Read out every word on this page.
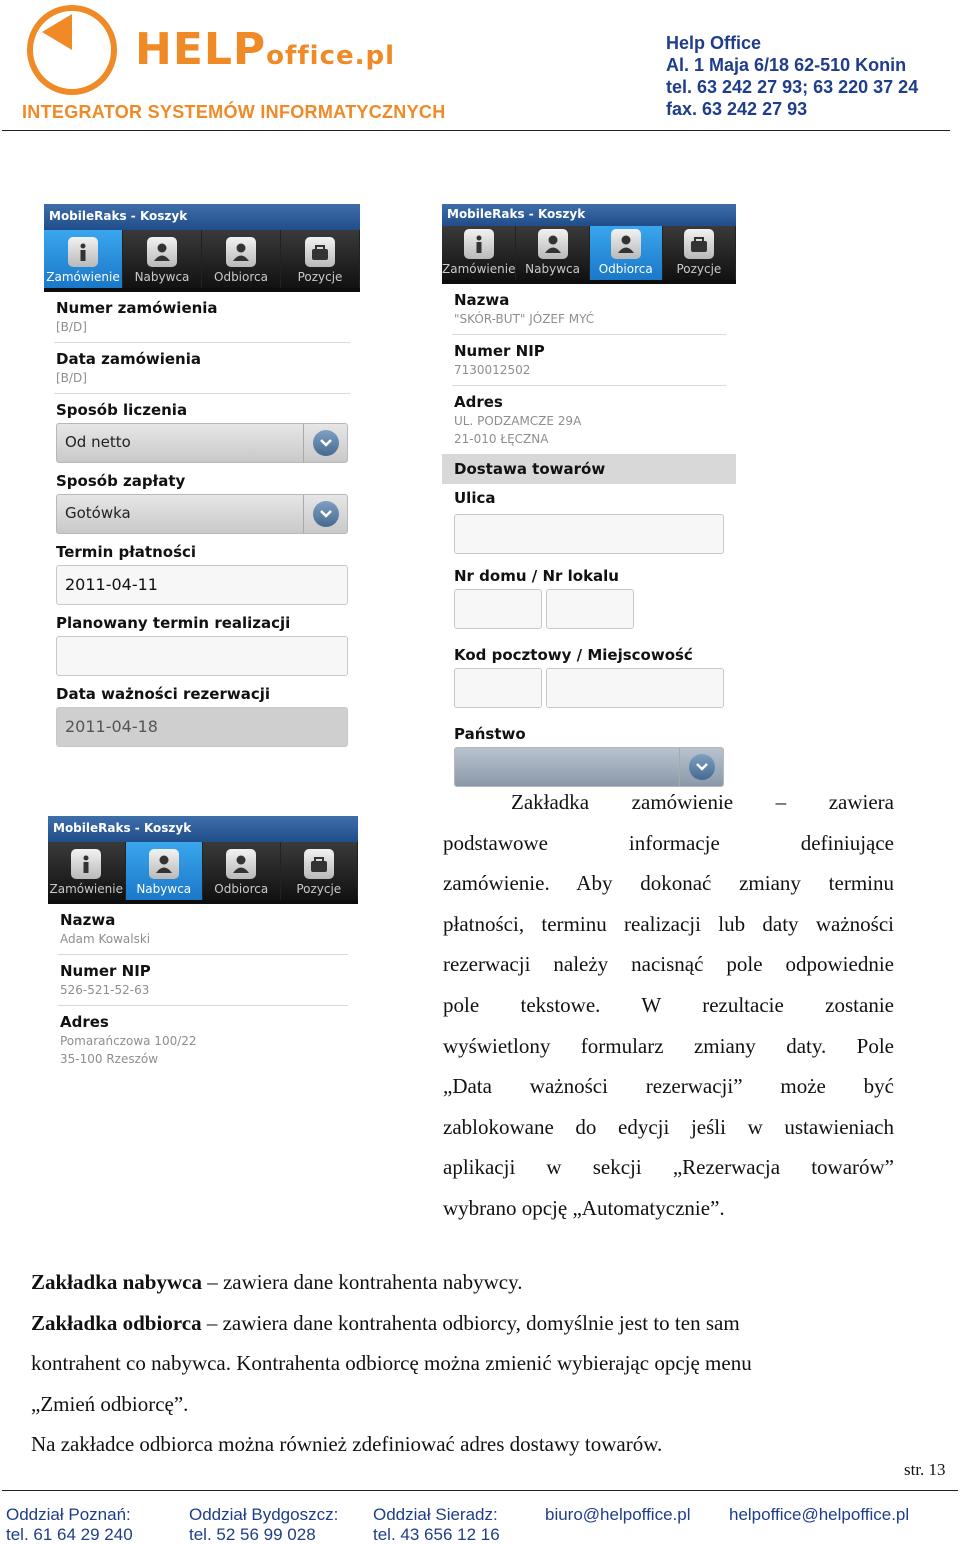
HELPoffice.pl
INTEGRATOR SYSTEMÓW INFORMATYCZNYCH
Help Office
Al. 1 Maja 6/18 62-510 Konin
tel. 63 242 27 93; 63 220 37 24
fax. 63 242 27 93
MobileRaks - Koszyk
Zamówienie Nabywca Odbiorca Pozycje
Numer zamówienia
[B/D]
Data zamówienia
[B/D]
Sposób liczenia
Od netto
Sposób zapłaty
Gotówka
Termin płatności
2011-04-11
Planowany termin realizacji
Data ważności rezerwacji
2011-04-18
MobileRaks - Koszyk
Zamówienie Nabywca Odbiorca Pozycje
Nazwa
"SKÓR-BUT" JÓZEF MYĆ
Numer NIP
7130012502
Adres
UL. PODZAMCZE 29A
21-010 ŁĘCZNA
Dostawa towarów
Ulica
Nr domu / Nr lokalu
Kod pocztowy / Miejscowość
Państwo
MobileRaks - Koszyk
Zamówienie Nabywca Odbiorca Pozycje
Nazwa
Adam Kowalski
Numer NIP
526-521-52-63
Adres
Pomarańczowa 100/22
35-100 Rzeszów
Zakładka zamówienie – zawiera
podstawowe informacje definiujące
zamówienie. Aby dokonać zmiany terminu
płatności, terminu realizacji lub daty ważności
rezerwacji należy nacisnąć pole odpowiednie
pole tekstowe. W rezultacie zostanie
wyświetlony formularz zmiany daty. Pole
„Data ważności rezerwacji” może być
zablokowane do edycji jeśli w ustawieniach
aplikacji w sekcji „Rezerwacja towarów”
wybrano opcję „Automatycznie”.

Zakładka nabywca – zawiera dane kontrahenta nabywcy.

Zakładka odbiorca – zawiera dane kontrahenta odbiorcy, domyślnie jest to ten sam

kontrahent co nabywca. Kontrahenta odbiorcę można zmienić wybierając opcję menu

„Zmień odbiorcę”.

Na zakładce odbiorca można również zdefiniować adres dostawy towarów.

str. 13
Oddział Poznań:
tel. 61 64 29 240
Oddział Bydgoszcz:
tel. 52 56 99 028
Oddział Sieradz:
tel. 43 656 12 16
biuro@helpoffice.pl helpoffice@helpoffice.pl
